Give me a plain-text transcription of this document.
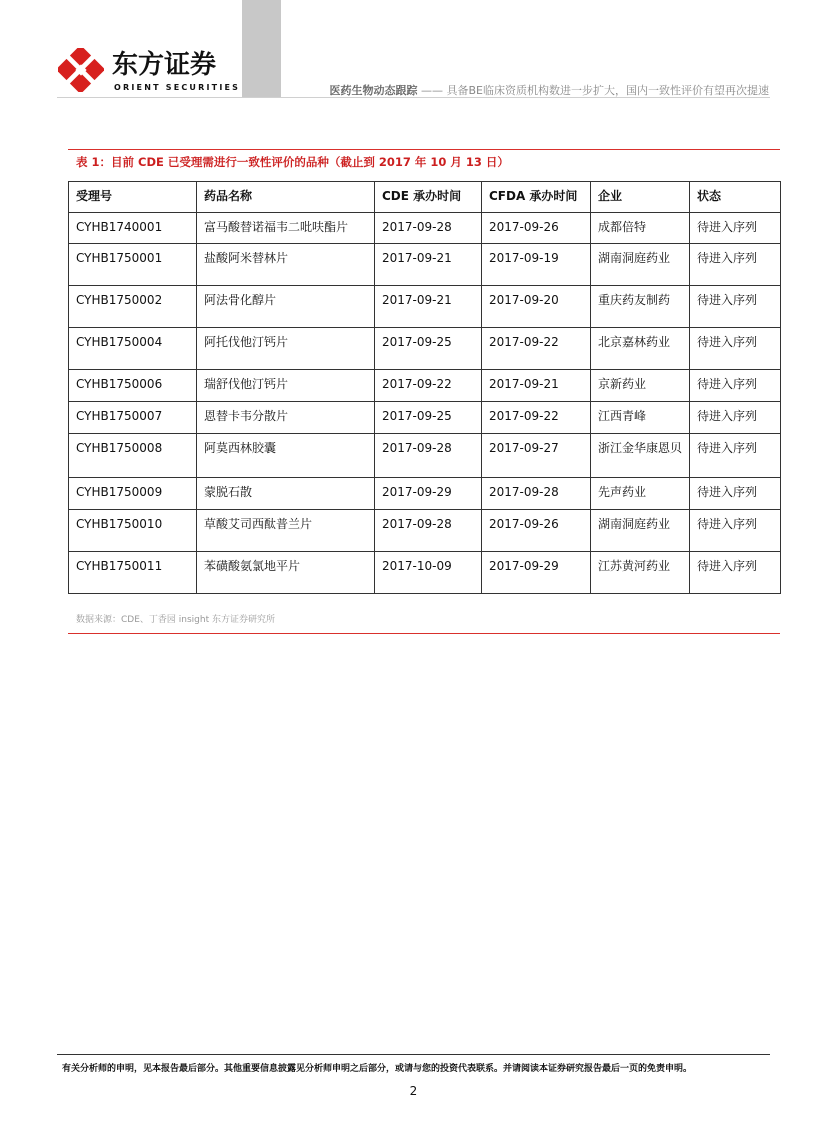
东方证券
ORIENT SECURITIES	医药生物动态跟踪 —— 具备BE临床资质机构数进一步扩大，国内一致性评价有望再次提速
表 1：目前 CDE 已受理需进行一致性评价的品种（截止到 2017 年 10 月 13 日）
受理号	药品名称	CDE 承办时间	CFDA 承办时间	企业	状态
CYHB1740001	富马酸替诺福韦二吡呋酯片	2017-09-28	2017-09-26	成都倍特	待进入序列
CYHB1750001	盐酸阿米替林片	2017-09-21	2017-09-19	湖南洞庭药业	待进入序列
CYHB1750002	阿法骨化醇片	2017-09-21	2017-09-20	重庆药友制药	待进入序列
CYHB1750004	阿托伐他汀钙片	2017-09-25	2017-09-22	北京嘉林药业	待进入序列
CYHB1750006	瑞舒伐他汀钙片	2017-09-22	2017-09-21	京新药业	待进入序列
CYHB1750007	恩替卡韦分散片	2017-09-25	2017-09-22	江西青峰	待进入序列
CYHB1750008	阿莫西林胶囊	2017-09-28	2017-09-27	浙江金华康恩贝	待进入序列
CYHB1750009	蒙脱石散	2017-09-29	2017-09-28	先声药业	待进入序列
CYHB1750010	草酸艾司西酞普兰片	2017-09-28	2017-09-26	湖南洞庭药业	待进入序列
CYHB1750011	苯磺酸氨氯地平片	2017-10-09	2017-09-29	江苏黄河药业	待进入序列
数据来源：CDE、丁香园 insight 东方证券研究所
有关分析师的申明，见本报告最后部分。其他重要信息披露见分析师申明之后部分，或请与您的投资代表联系。并请阅读本证券研究报告最后一页的免责申明。
2
